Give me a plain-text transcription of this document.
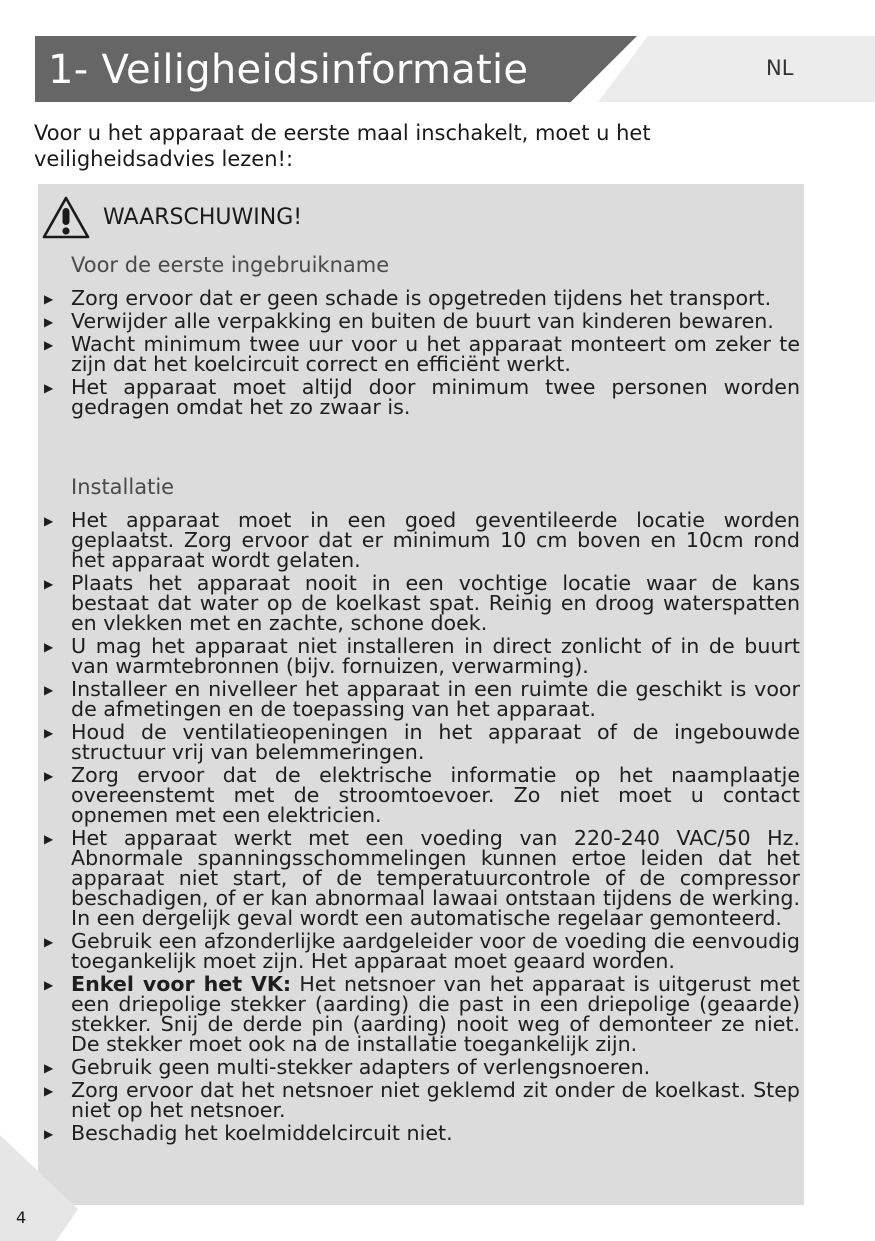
1- Veiligheidsinformatie	NL

Voor u het apparaat de eerste maal inschakelt, moet u het veiligheidsadvies lezen!:

WAARSCHUWING!
Voor de eerste ingebruikname
▶ Zorg ervoor dat er geen schade is opgetreden tijdens het transport.
▶ Verwijder alle verpakking en buiten de buurt van kinderen bewaren.
▶ Wacht minimum twee uur voor u het apparaat monteert om zeker te zijn dat het koelcircuit correct en efficiënt werkt.
▶ Het apparaat moet altijd door minimum twee personen worden gedragen omdat het zo zwaar is.
Installatie
▶ Het apparaat moet in een goed geventileerde locatie worden geplaatst. Zorg ervoor dat er minimum 10 cm boven en 10cm rond het apparaat wordt gelaten.
▶ Plaats het apparaat nooit in een vochtige locatie waar de kans bestaat dat water op de koelkast spat. Reinig en droog waterspatten en vlekken met en zachte, schone doek.
▶ U mag het apparaat niet installeren in direct zonlicht of in de buurt van warmtebronnen (bijv. fornuizen, verwarming).
▶ Installeer en nivelleer het apparaat in een ruimte die geschikt is voor de afmetingen en de toepassing van het apparaat.
▶ Houd de ventilatieopeningen in het apparaat of de ingebouwde structuur vrij van belemmeringen.
▶ Zorg ervoor dat de elektrische informatie op het naamplaatje overeenstemt met de stroomtoevoer. Zo niet moet u contact opnemen met een elektricien.
▶ Het apparaat werkt met een voeding van 220-240 VAC/50 Hz. Abnormale spanningsschommelingen kunnen ertoe leiden dat het apparaat niet start, of de temperatuurcontrole of de compressor beschadigen, of er kan abnormaal lawaai ontstaan tijdens de werking. In een dergelijk geval wordt een automatische regelaar gemonteerd.
▶ Gebruik een afzonderlijke aardgeleider voor de voeding die eenvoudig toegankelijk moet zijn. Het apparaat moet geaard worden.
▶ Enkel voor het VK: Het netsnoer van het apparaat is uitgerust met een driepolige stekker (aarding) die past in een driepolige (geaarde) stekker. Snij de derde pin (aarding) nooit weg of demonteer ze niet. De stekker moet ook na de installatie toegankelijk zijn.
▶ Gebruik geen multi-stekker adapters of verlengsnoeren.
▶ Zorg ervoor dat het netsnoer niet geklemd zit onder de koelkast. Step niet op het netsnoer.
▶ Beschadig het koelmiddelcircuit niet.
4
